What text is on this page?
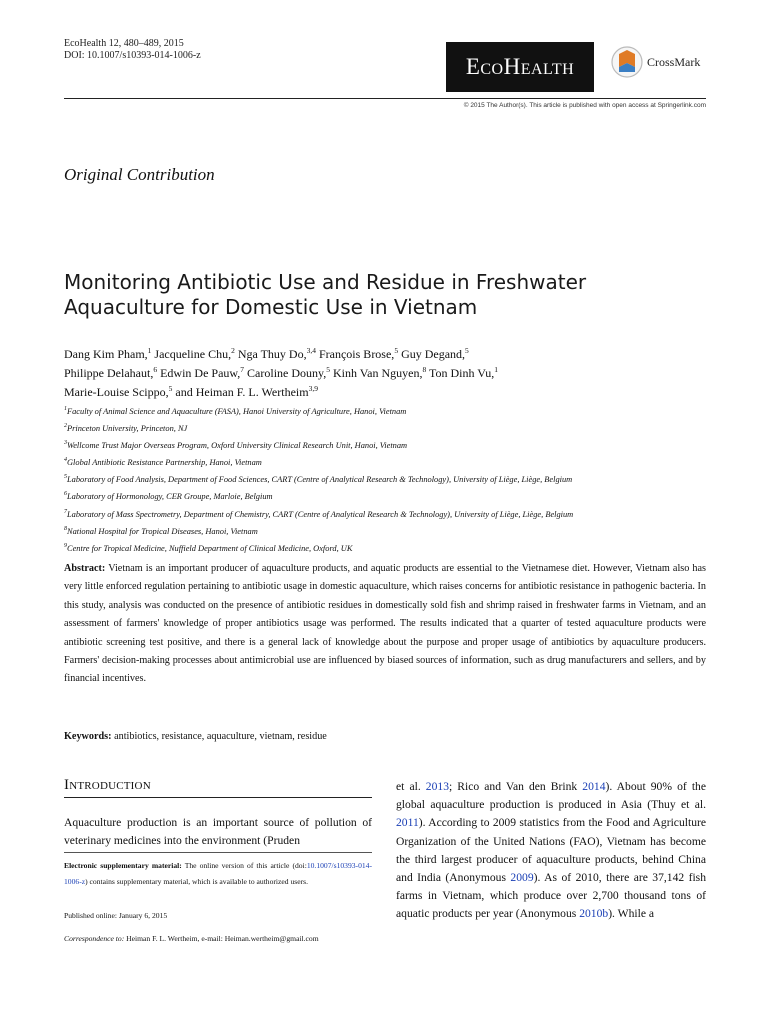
EcoHealth 12, 480–489, 2015
DOI: 10.1007/s10393-014-1006-z	EcoHealth	CrossMark
© 2015 The Author(s). This article is published with open access at Springerlink.com
Original Contribution
Monitoring Antibiotic Use and Residue in Freshwater
Aquaculture for Domestic Use in Vietnam
Dang Kim Pham,$^1$ Jacqueline Chu,$^2$ Nga Thuy Do,$^{3,4}$ François Brose,$^5$ Guy Degand,$^5$
Philippe Delahaut,$^6$ Edwin De Pauw,$^7$ Caroline Douny,$^5$ Kinh Van Nguyen,$^8$ Ton Dinh Vu,$^1$
Marie-Louise Scippo,$^5$ and Heiman F. L. Wertheim$^{3,9}$
$^1$Faculty of Animal Science and Aquaculture (FASA), Hanoi University of Agriculture, Hanoi, Vietnam
$^2$Princeton University, Princeton, NJ
$^3$Wellcome Trust Major Overseas Program, Oxford University Clinical Research Unit, Hanoi, Vietnam
$^4$Global Antibiotic Resistance Partnership, Hanoi, Vietnam
$^5$Laboratory of Food Analysis, Department of Food Sciences, CART (Centre of Analytical Research & Technology), University of Liège, Liège, Belgium
$^6$Laboratory of Hormonology, CER Groupe, Marloie, Belgium
$^7$Laboratory of Mass Spectrometry, Department of Chemistry, CART (Centre of Analytical Research & Technology), University of Liège, Liège, Belgium
$^8$National Hospital for Tropical Diseases, Hanoi, Vietnam
$^9$Centre for Tropical Medicine, Nuffield Department of Clinical Medicine, Oxford, UK
Abstract: Vietnam is an important producer of aquaculture products, and aquatic products are essential to the Vietnamese diet. However, Vietnam also has very little enforced regulation pertaining to antibiotic usage in domestic aquaculture, which raises concerns for antibiotic resistance in pathogenic bacteria. In this study, analysis was conducted on the presence of antibiotic residues in domestically sold fish and shrimp raised in freshwater farms in Vietnam, and an assessment of farmers' knowledge of proper antibiotics usage was performed. The results indicated that a quarter of tested aquaculture products were antibiotic screening test positive, and there is a general lack of knowledge about the purpose and proper usage of antibiotics by aquaculture producers. Farmers' decision-making processes about antimicrobial use are influenced by biased sources of information, such as drug manufacturers and sellers, and by financial incentives.
Keywords: antibiotics, resistance, aquaculture, vietnam, residue
Introduction
Aquaculture production is an important source of pollution of veterinary medicines into the environment (Pruden
Electronic supplementary material: The online version of this article (doi:10.1007/s10393-014-1006-z) contains supplementary material, which is available to authorized users.
Published online: January 6, 2015
Correspondence to: Heiman F. L. Wertheim, e-mail: Heiman.wertheim@gmail.com
et al. 2013; Rico and Van den Brink 2014). About 90% of the global aquaculture production is produced in Asia (Thuy et al. 2011). According to 2009 statistics from the Food and Agriculture Organization of the United Nations (FAO), Vietnam has become the third largest producer of aquaculture products, behind China and India (Anonymous 2009). As of 2010, there are 37,142 fish farms in Vietnam, which produce over 2,700 thousand tons of aquatic products per year (Anonymous 2010b). While a
